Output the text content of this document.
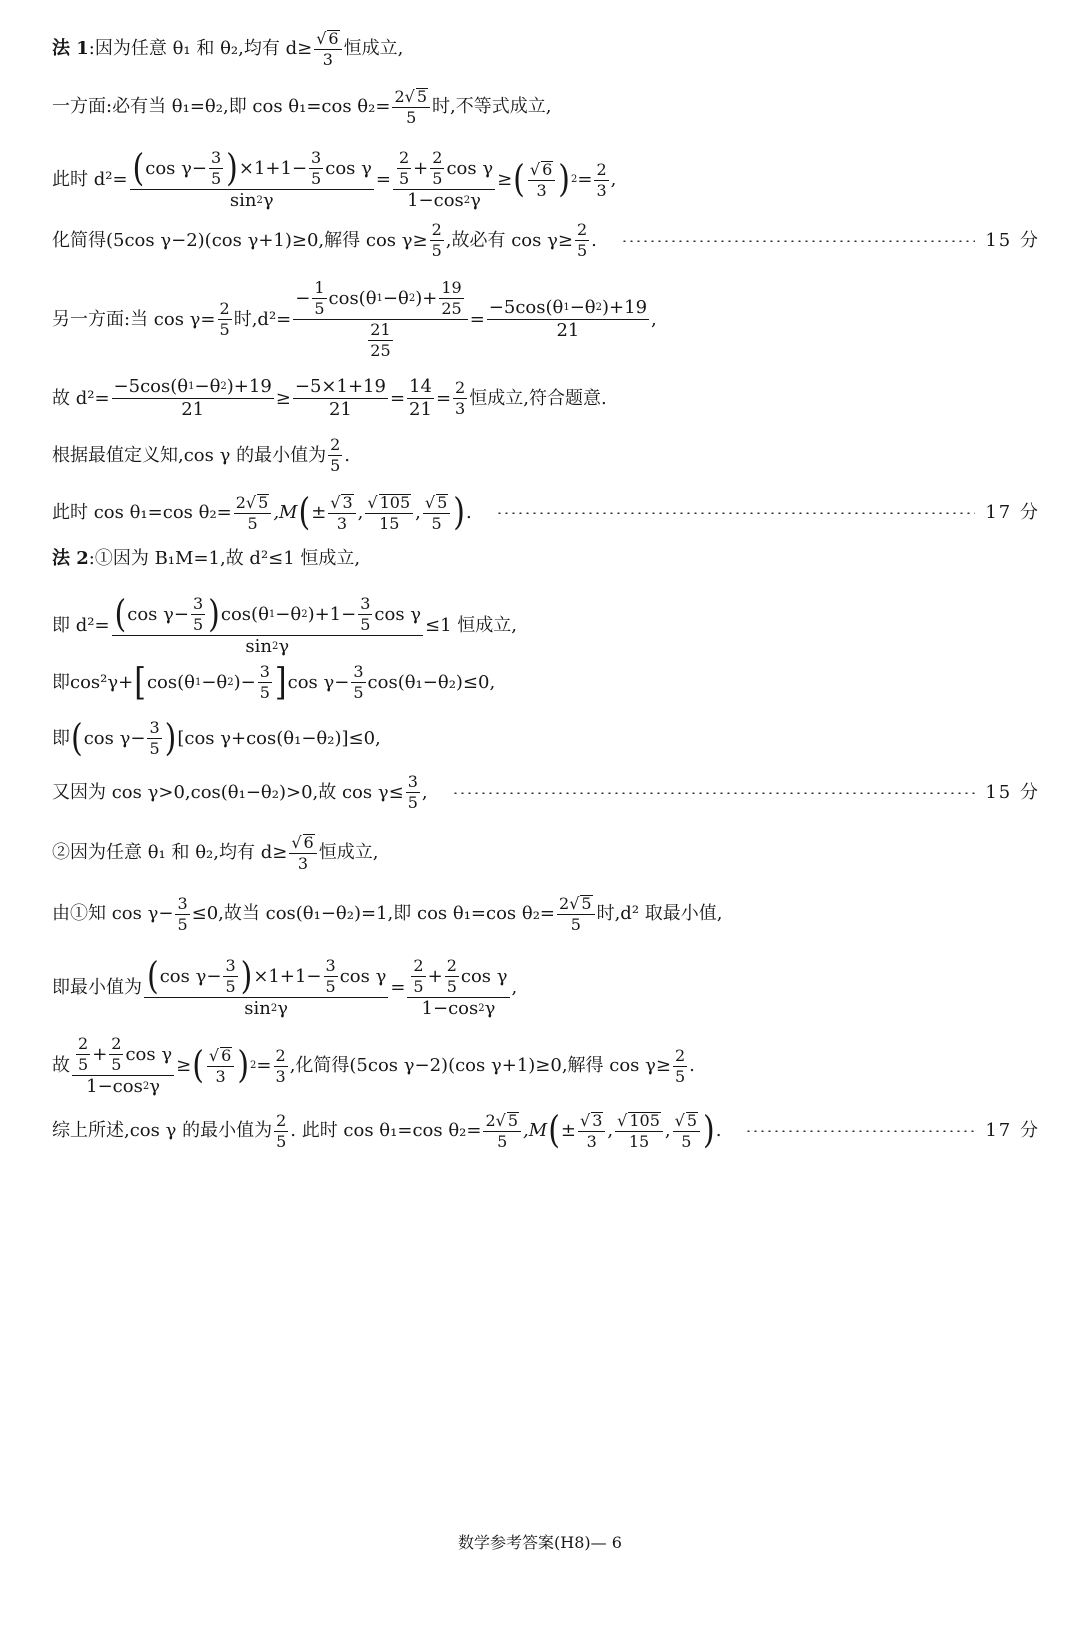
法 1 :因为任意 θ₁ 和 θ₂,均有 $d\ge \frac{√ 6}{3}$ 恒成立,
一方面:必有当 θ₁=θ₂,即 cos θ₁=cos $\theta_2= \frac{2√ 5}{5}$ 时,不等式成立,
此时 $d^2= \frac{( \cos \gamma- \frac{3}{5} ) \times 1+1- \frac{3}{5} \cos \gamma}{\sin 2 \gamma} = \frac{\frac{2}{5} + \frac{2}{5} \cos \gamma}{1-\cos 2 \gamma}$ ≥ ( $\frac{√ 6}{3}$ ) $2 = \frac{2}{3}$ ,
化简得(5cos γ−2)(cos γ+1)≥0,解得 $\cos \gamma\ge \frac{2}{5}$ ,故必有 $\cos \gamma\ge \frac{2}{5}$ .	15 分
另一方面:当 $\cos \gamma= \frac{2}{5}$ 时$,d^2= \frac{- \frac{1}{5} \cos(\theta 1 -\theta 2 )+ \frac{19}{25}}{\frac{21}{25}} = \frac{-5\cos(\theta 1 -\theta 2 )+19}{21}$ ,
故 $d^2= \frac{-5\cos(\theta 1 -\theta 2 )+19}{21} \ge \frac{-5\times 1+19}{21} = \frac{14}{21} = \frac{2}{3}$ 恒成立,符合题意.
根据最值定义知,cos γ 的最小值为 $\frac{2}{5}$ .
此时 cos θ₁=cos $\theta_2= \frac{2√ 5}{5} ,M$ ( ± $\frac{√ 3}{3}$ , $\frac{√ 105}{15}$ , $\frac{√ 5}{5}$ ) .	17 分
法 2 :①因为 B₁M=1,故 d²≤1 恒成立,
即 $d^2= \frac{( \cos \gamma- \frac{3}{5} ) \cos(\theta 1 -\theta 2 )+1- \frac{3}{5} \cos \gamma}{\sin 2 \gamma} \le 1$ 恒成立,
即cos²γ+ [ cos(θ 1 −θ 2 )− $\frac{3}{5}$ ] $\cos \gamma- \frac{3}{5} \cos(\theta_1-\theta_2)\le 0$,
即 ( $\cos \gamma- \frac{3}{5}$ ) [cos γ+cos(θ₁−θ₂)]≤0,
又因为 cos γ>0,cos(θ₁−θ₂)>0,故 $\cos \gamma\le \frac{3}{5}$ ,	15 分
②因为任意 θ₁ 和 θ₂,均有 $d\ge \frac{√ 6}{3}$ 恒成立,
由①知 $\cos \gamma- \frac{3}{5} \le 0$,故当 cos(θ₁−θ₂)=1,即 cos θ₁=cos $\theta_2= \frac{2√ 5}{5}$ 时,d² 取最小值,
即最小值为 $\frac{( \cos \gamma- \frac{3}{5} ) \times 1+1- \frac{3}{5} \cos \gamma}{\sin 2 \gamma} = \frac{\frac{2}{5} + \frac{2}{5} \cos \gamma}{1-\cos 2 \gamma}$ ,
故 $\frac{\frac{2}{5} + \frac{2}{5} \cos \gamma}{1-\cos 2 \gamma}$ ≥ ( $\frac{√ 6}{3}$ ) $2 = \frac{2}{3}$ ,化简得(5cos γ−2)(cos γ+1)≥0,解得 $\cos \gamma\ge \frac{2}{5}$ .
综上所述,cos γ 的最小值为 $\frac{2}{5}$ . 此时 cos θ₁=cos $\theta_2= \frac{2√ 5}{5} ,M$ ( ± $\frac{√ 3}{3}$ , $\frac{√ 105}{15}$ , $\frac{√ 5}{5}$ ) .	17 分
数学参考答案(H8)— 6
